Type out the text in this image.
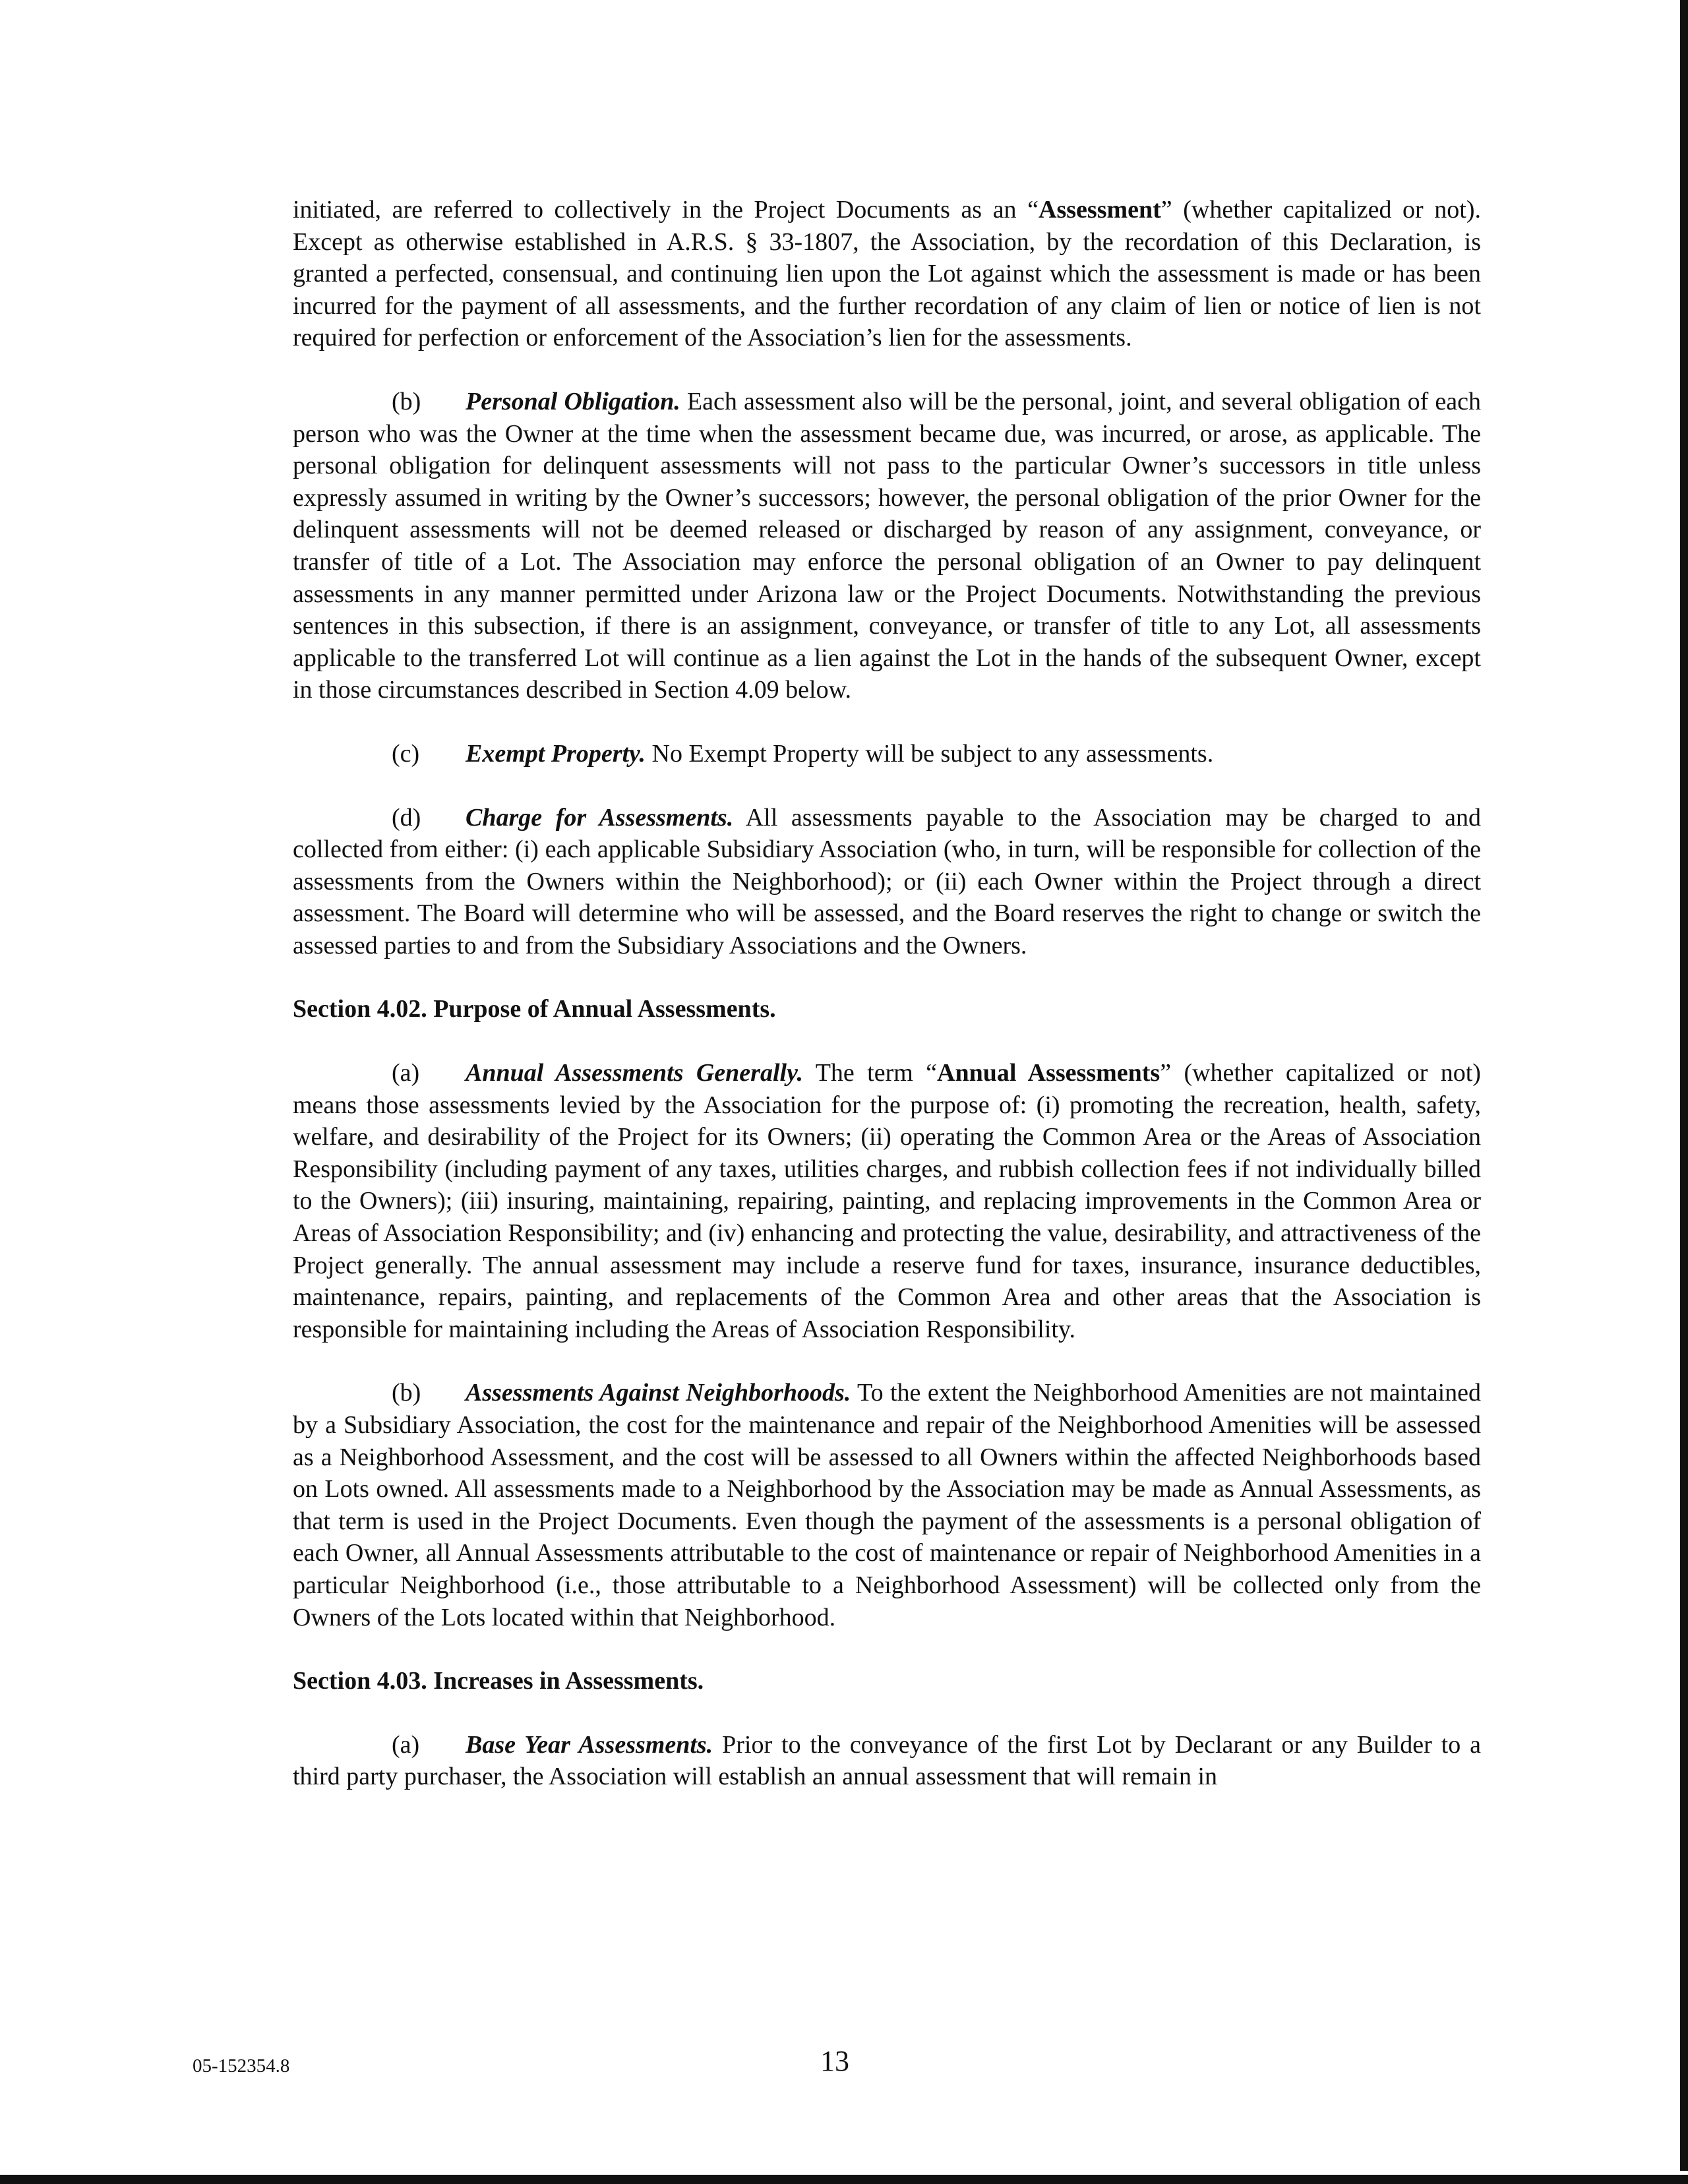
initiated, are referred to collectively in the Project Documents as an “Assessment” (whether capitalized or not). Except as otherwise established in A.R.S. § 33-1807, the Association, by the recordation of this Declaration, is granted a perfected, consensual, and continuing lien upon the Lot against which the assessment is made or has been incurred for the payment of all assessments, and the further recordation of any claim of lien or notice of lien is not required for perfection or enforcement of the Association’s lien for the assessments.

(b) Personal Obligation. Each assessment also will be the personal, joint, and several obligation of each person who was the Owner at the time when the assessment became due, was incurred, or arose, as applicable. The personal obligation for delinquent assessments will not pass to the particular Owner’s successors in title unless expressly assumed in writing by the Owner’s successors; however, the personal obligation of the prior Owner for the delinquent assessments will not be deemed released or discharged by reason of any assignment, conveyance, or transfer of title of a Lot. The Association may enforce the personal obligation of an Owner to pay delinquent assessments in any manner permitted under Arizona law or the Project Documents. Notwithstanding the previous sentences in this subsection, if there is an assignment, conveyance, or transfer of title to any Lot, all assessments applicable to the transferred Lot will continue as a lien against the Lot in the hands of the subsequent Owner, except in those circumstances described in Section 4.09 below.

(c) Exempt Property. No Exempt Property will be subject to any assessments.

(d) Charge for Assessments. All assessments payable to the Association may be charged to and collected from either: (i) each applicable Subsidiary Association (who, in turn, will be responsible for collection of the assessments from the Owners within the Neighborhood); or (ii) each Owner within the Project through a direct assessment. The Board will determine who will be assessed, and the Board reserves the right to change or switch the assessed parties to and from the Subsidiary Associations and the Owners.

Section 4.02. Purpose of Annual Assessments.

(a) Annual Assessments Generally. The term “Annual Assessments” (whether capitalized or not) means those assessments levied by the Association for the purpose of: (i) promoting the recreation, health, safety, welfare, and desirability of the Project for its Owners; (ii) operating the Common Area or the Areas of Association Responsibility (including payment of any taxes, utilities charges, and rubbish collection fees if not individually billed to the Owners); (iii) insuring, maintaining, repairing, painting, and replacing improvements in the Common Area or Areas of Association Responsibility; and (iv) enhancing and protecting the value, desirability, and attractiveness of the Project generally. The annual assessment may include a reserve fund for taxes, insurance, insurance deductibles, maintenance, repairs, painting, and replacements of the Common Area and other areas that the Association is responsible for maintaining including the Areas of Association Responsibility.

(b) Assessments Against Neighborhoods. To the extent the Neighborhood Amenities are not maintained by a Subsidiary Association, the cost for the maintenance and repair of the Neighborhood Amenities will be assessed as a Neighborhood Assessment, and the cost will be assessed to all Owners within the affected Neighborhoods based on Lots owned. All assessments made to a Neighborhood by the Association may be made as Annual Assessments, as that term is used in the Project Documents. Even though the payment of the assessments is a personal obligation of each Owner, all Annual Assessments attributable to the cost of maintenance or repair of Neighborhood Amenities in a particular Neighborhood (i.e., those attributable to a Neighborhood Assessment) will be collected only from the Owners of the Lots located within that Neighborhood.

Section 4.03. Increases in Assessments.

(a) Base Year Assessments. Prior to the conveyance of the first Lot by Declarant or any Builder to a third party purchaser, the Association will establish an annual assessment that will remain in

05-152354.8	13
